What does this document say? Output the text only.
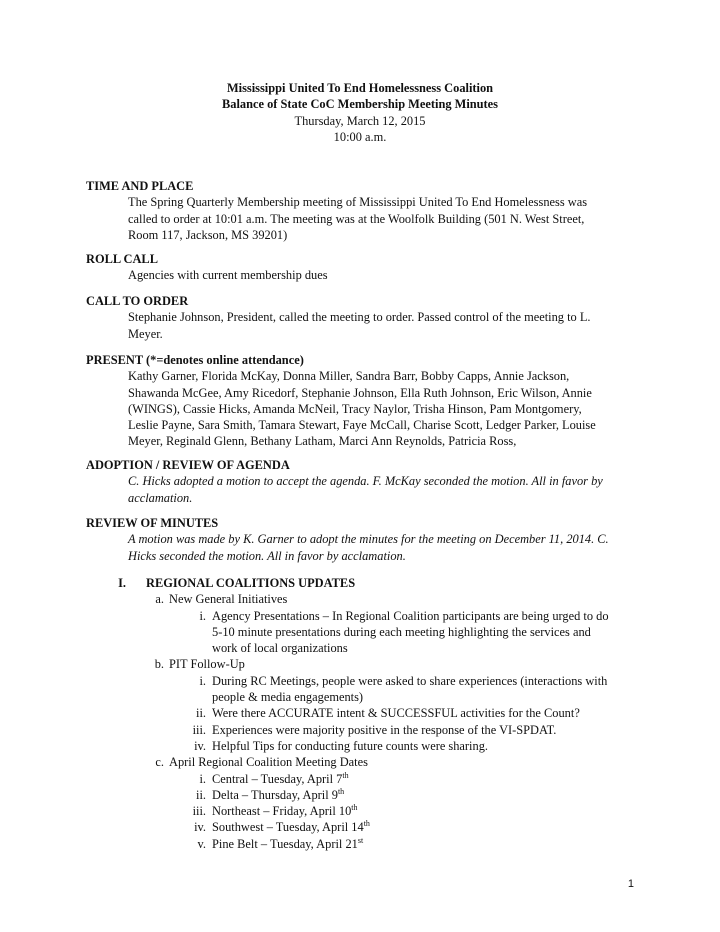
Mississippi United To End Homelessness Coalition
Balance of State CoC Membership Meeting Minutes
Thursday, March 12, 2015
10:00 a.m.
TIME AND PLACE
The Spring Quarterly Membership meeting of Mississippi United To End Homelessness was
called to order at 10:01 a.m. The meeting was at the Woolfolk Building (501 N. West Street,
Room 117, Jackson, MS 39201)
ROLL CALL
Agencies with current membership dues
CALL TO ORDER
Stephanie Johnson, President, called the meeting to order. Passed control of the meeting to L.
Meyer.
PRESENT (*=denotes online attendance)
Kathy Garner, Florida McKay, Donna Miller, Sandra Barr, Bobby Capps, Annie Jackson,
Shawanda McGee, Amy Ricedorf, Stephanie Johnson, Ella Ruth Johnson, Eric Wilson, Annie
(WINGS), Cassie Hicks, Amanda McNeil, Tracy Naylor, Trisha Hinson, Pam Montgomery,
Leslie Payne, Sara Smith, Tamara Stewart, Faye McCall, Charise Scott, Ledger Parker, Louise
Meyer, Reginald Glenn, Bethany Latham, Marci Ann Reynolds, Patricia Ross,
ADOPTION / REVIEW OF AGENDA
C. Hicks adopted a motion to accept the agenda. F. McKay seconded the motion. All in favor by
acclamation.
REVIEW OF MINUTES
A motion was made by K. Garner to adopt the minutes for the meeting on December 11, 2014. C.
Hicks seconded the motion. All in favor by acclamation.
I. REGIONAL COALITIONS UPDATES
a. New General Initiatives
i. Agency Presentations – In Regional Coalition participants are being urged to do
5-10 minute presentations during each meeting highlighting the services and
work of local organizations
b. PIT Follow-Up
i. During RC Meetings, people were asked to share experiences (interactions with
people & media engagements)
ii. Were there ACCURATE intent & SUCCESSFUL activities for the Count?
iii. Experiences were majority positive in the response of the VI-SPDAT.
iv. Helpful Tips for conducting future counts were sharing.
c. April Regional Coalition Meeting Dates
i. Central – Tuesday, April 7th
ii. Delta – Thursday, April 9th
iii. Northeast – Friday, April 10th
iv. Southwest – Tuesday, April 14th
v. Pine Belt – Tuesday, April 21st
1
